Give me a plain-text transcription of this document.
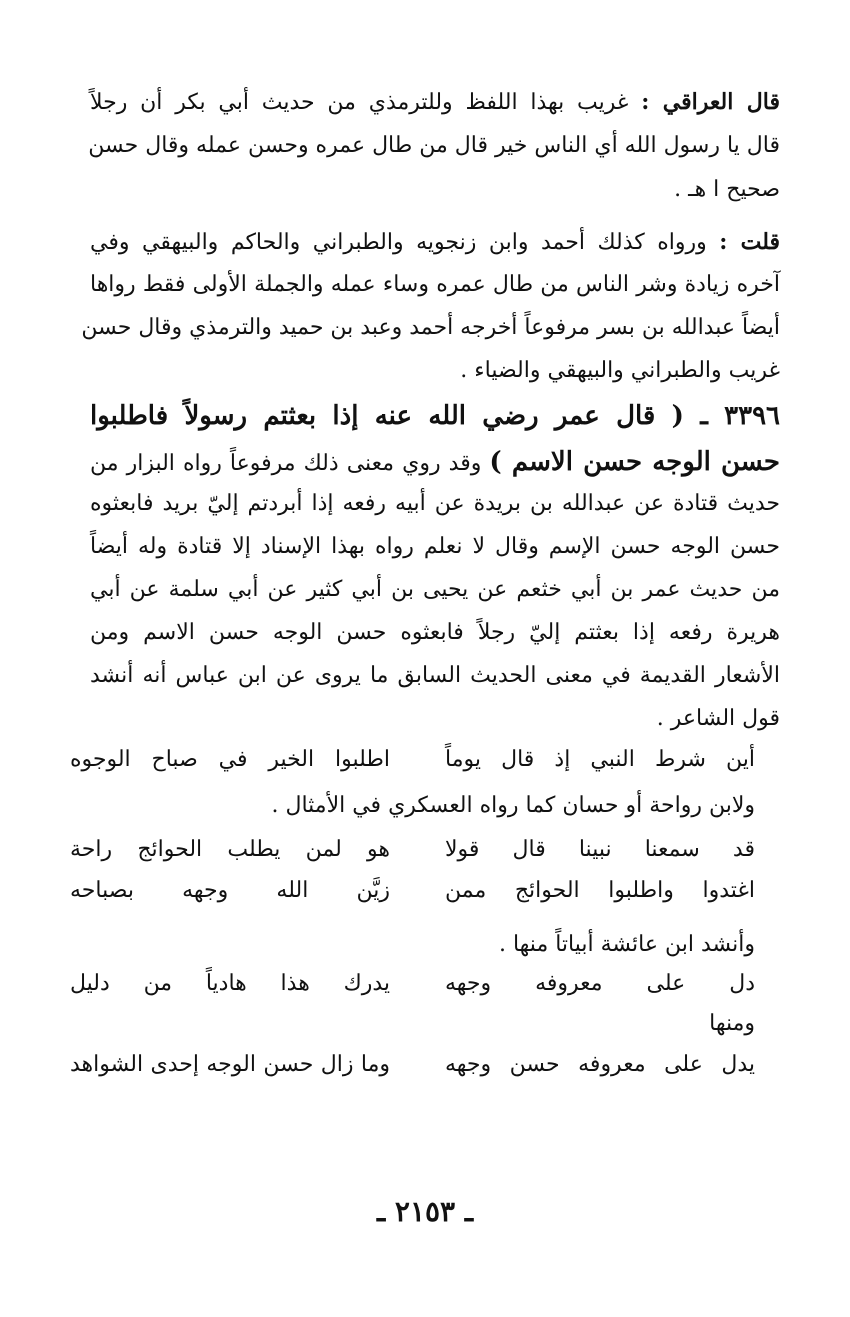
قال العراقي : غريب بهذا اللفظ وللترمذي من حديث أبي بكر أن رجلاً
قال يا رسول الله أي الناس خير قال من طال عمره وحسن عمله وقال حسن
صحيح ا هـ .
قلت : ورواه كذلك أحمد وابن زنجويه والطبراني والحاكم والبيهقي وفي
آخره زيادة وشر الناس من طال عمره وساء عمله والجملة الأولى فقط رواها
أيضاً عبدالله بن بسر مرفوعاً أخرجه أحمد وعبد بن حميد والترمذي وقال حسن
غريب والطبراني والبيهقي والضياء .
٣٣٩٦ ـ ( قال عمر رضي الله عنه إذا بعثتم رسولاً فاطلبوا
حسن الوجه حسن الاسم ) وقد روي معنى ذلك مرفوعاً رواه البزار من
حديث قتادة عن عبدالله بن بريدة عن أبيه رفعه إذا أبردتم إليّ بريد فابعثوه
حسن الوجه حسن الإسم وقال لا نعلم رواه بهذا الإسناد إلا قتادة وله أيضاً
من حديث عمر بن أبي خثعم عن يحيى بن أبي كثير عن أبي سلمة عن أبي
هريرة رفعه إذا بعثتم إليّ رجلاً فابعثوه حسن الوجه حسن الاسم ومن
الأشعار القديمة في معنى الحديث السابق ما يروى عن ابن عباس أنه أنشد
قول الشاعر .
أين شرط النبي إذ قال يوماً
اطلبوا الخير في صباح الوجوه
ولابن رواحة أو حسان كما رواه العسكري في الأمثال .
قد سمعنا نبينا قال قولا
هو لمن يطلب الحوائج راحة
اغتدوا واطلبوا الحوائج ممن
زيَّن الله وجهه بصباحه
وأنشد ابن عائشة أبياتاً منها .
دل على معروفه وجهه
يدرك هذا هادياً من دليل
ومنها
يدل على معروفه حسن وجهه
وما زال حسن الوجه إحدى الشواهد
ـ ٢١٥٣ ـ
